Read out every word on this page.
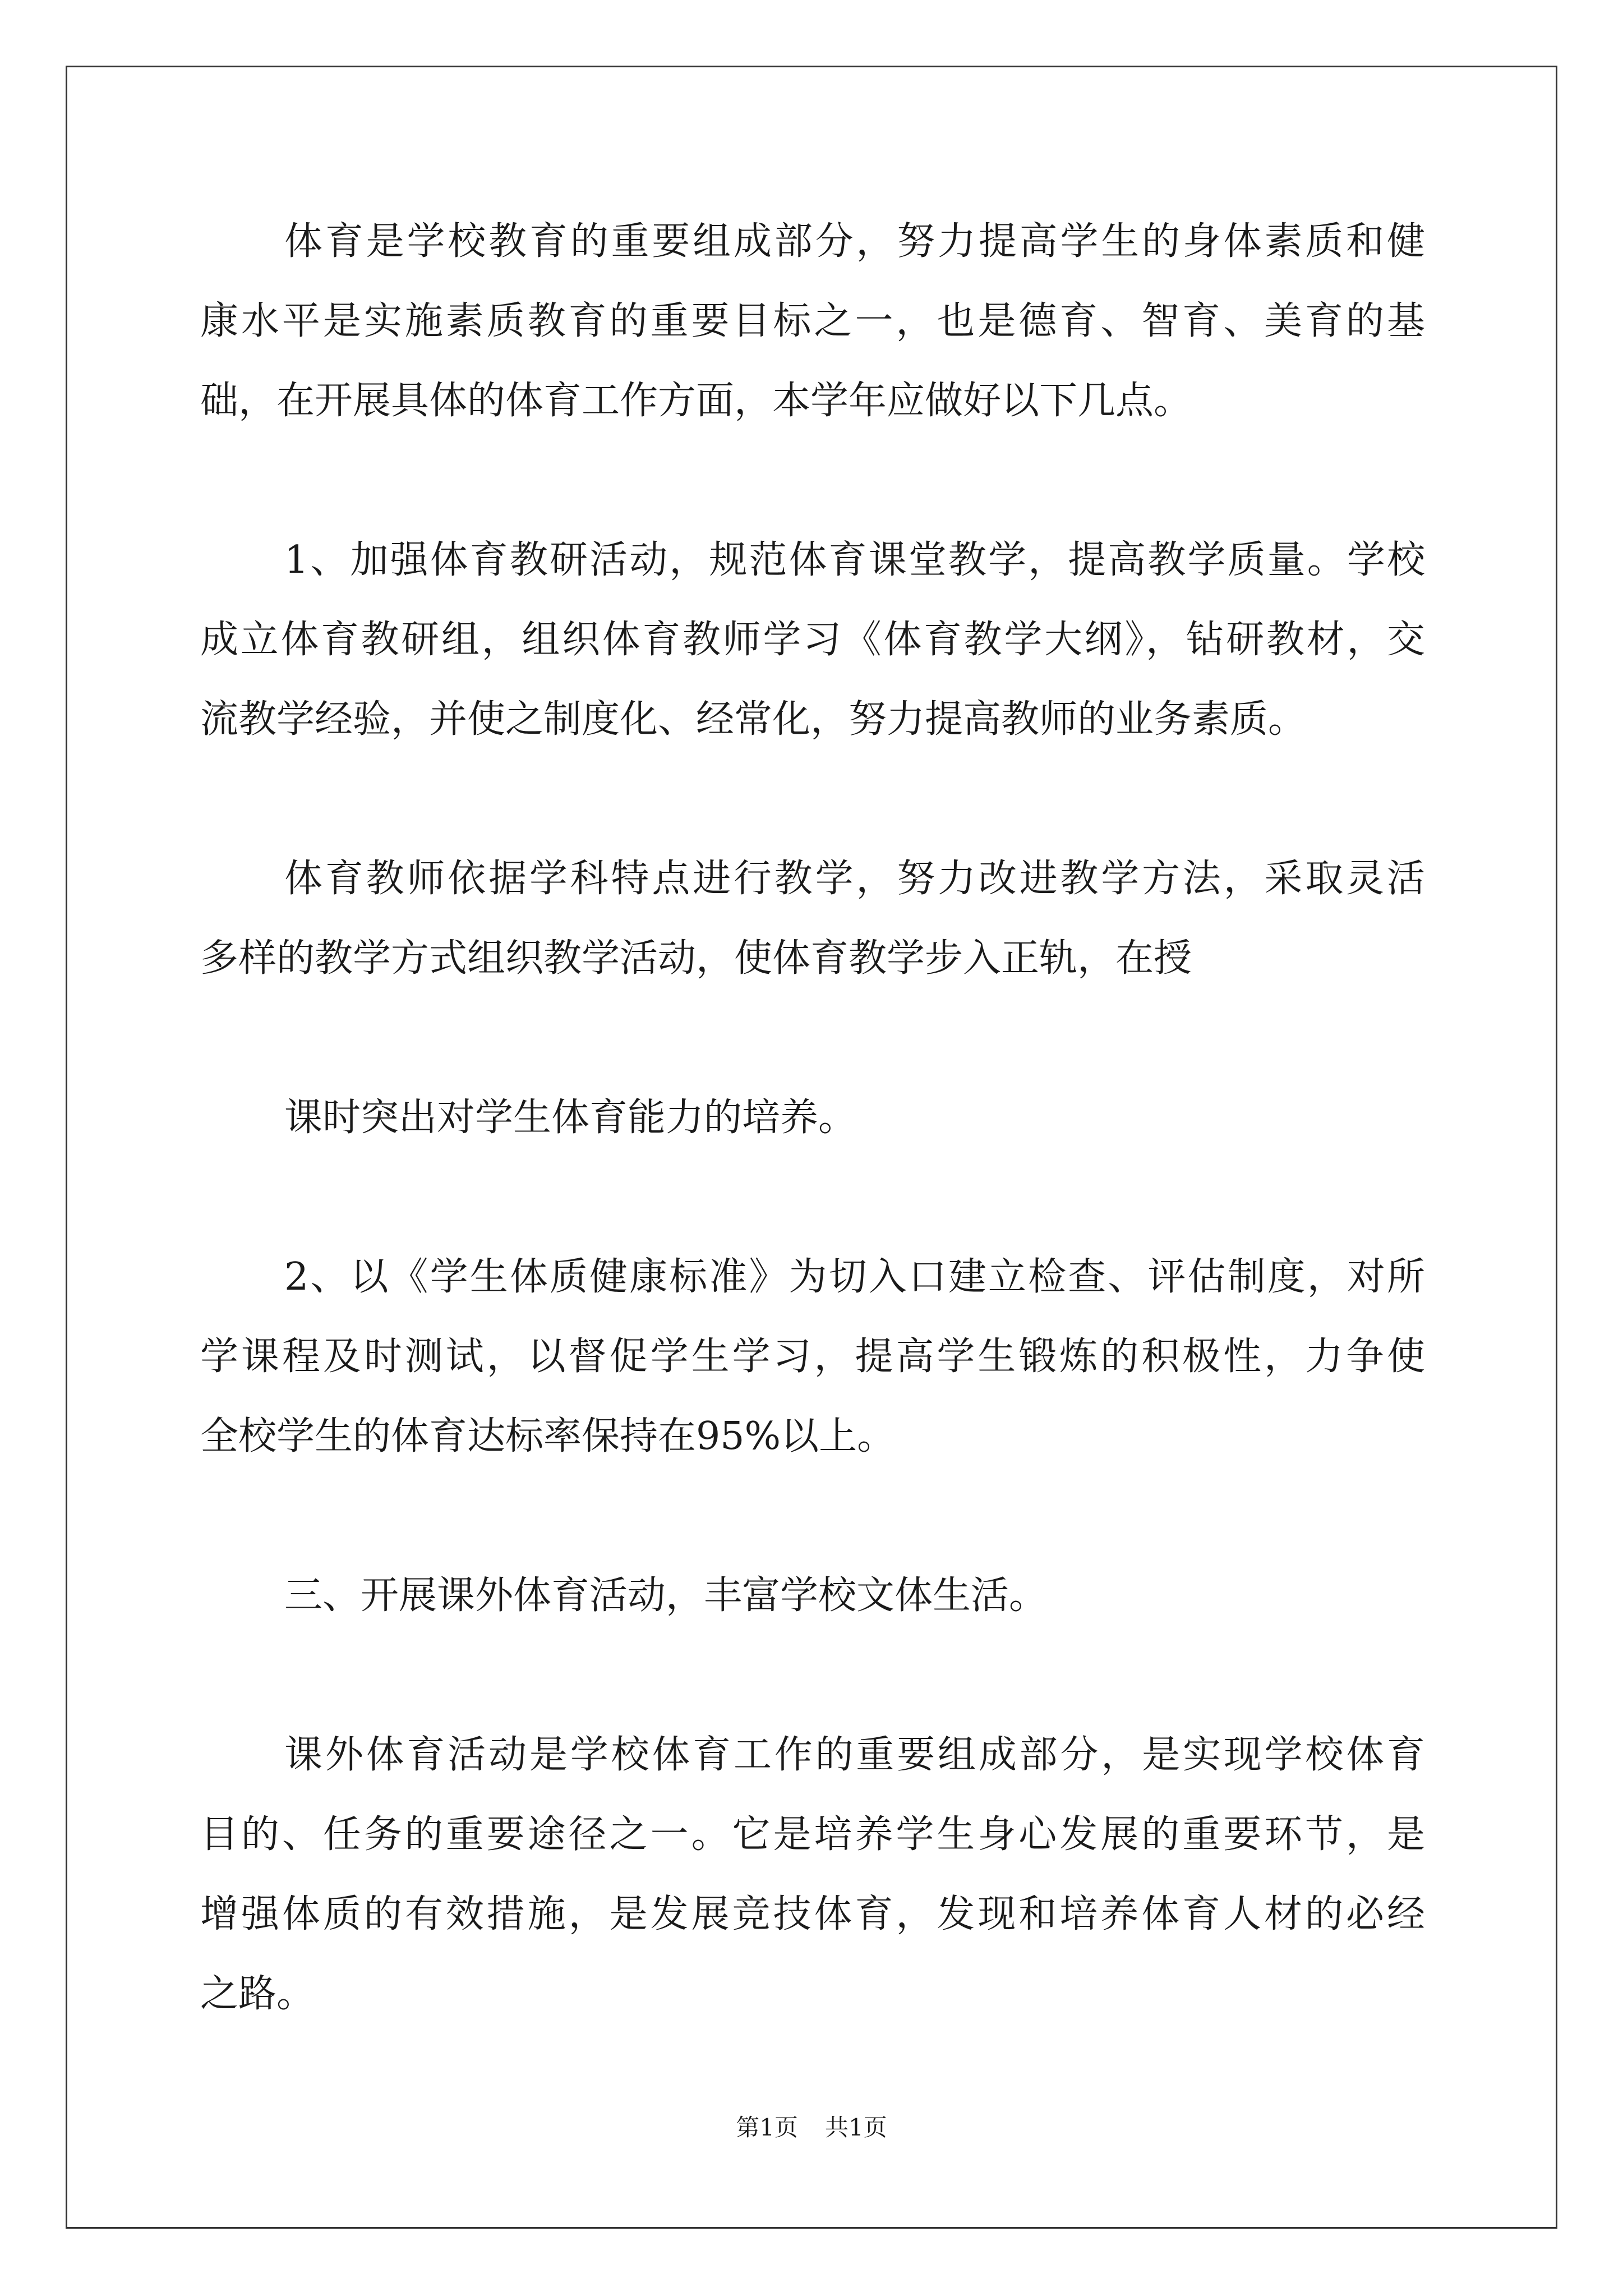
体育是学校教育的重要组成部分，努力提高学生的身体素质和健
康水平是实施素质教育的重要目标之一，也是德育、智育、美育的基
础，在开展具体的体育工作方面，本学年应做好以下几点。
1、加强体育教研活动，规范体育课堂教学，提高教学质量。学校
成立体育教研组，组织体育教师学习《体育教学大纲》，钻研教材，交
流教学经验，并使之制度化、经常化，努力提高教师的业务素质。
体育教师依据学科特点进行教学，努力改进教学方法，采取灵活
多样的教学方式组织教学活动，使体育教学步入正轨，在授
课时突出对学生体育能力的培养。
2、以《学生体质健康标准》为切入口建立检查、评估制度，对所
学课程及时测试，以督促学生学习，提高学生锻炼的积极性，力争使
全校学生的体育达标率保持在95%以上。
三、开展课外体育活动，丰富学校文体生活。
课外体育活动是学校体育工作的重要组成部分，是实现学校体育
目的、任务的重要途径之一。它是培养学生身心发展的重要环节，是
增强体质的有效措施，是发展竞技体育，发现和培养体育人材的必经
之路。
第1页 共1页
